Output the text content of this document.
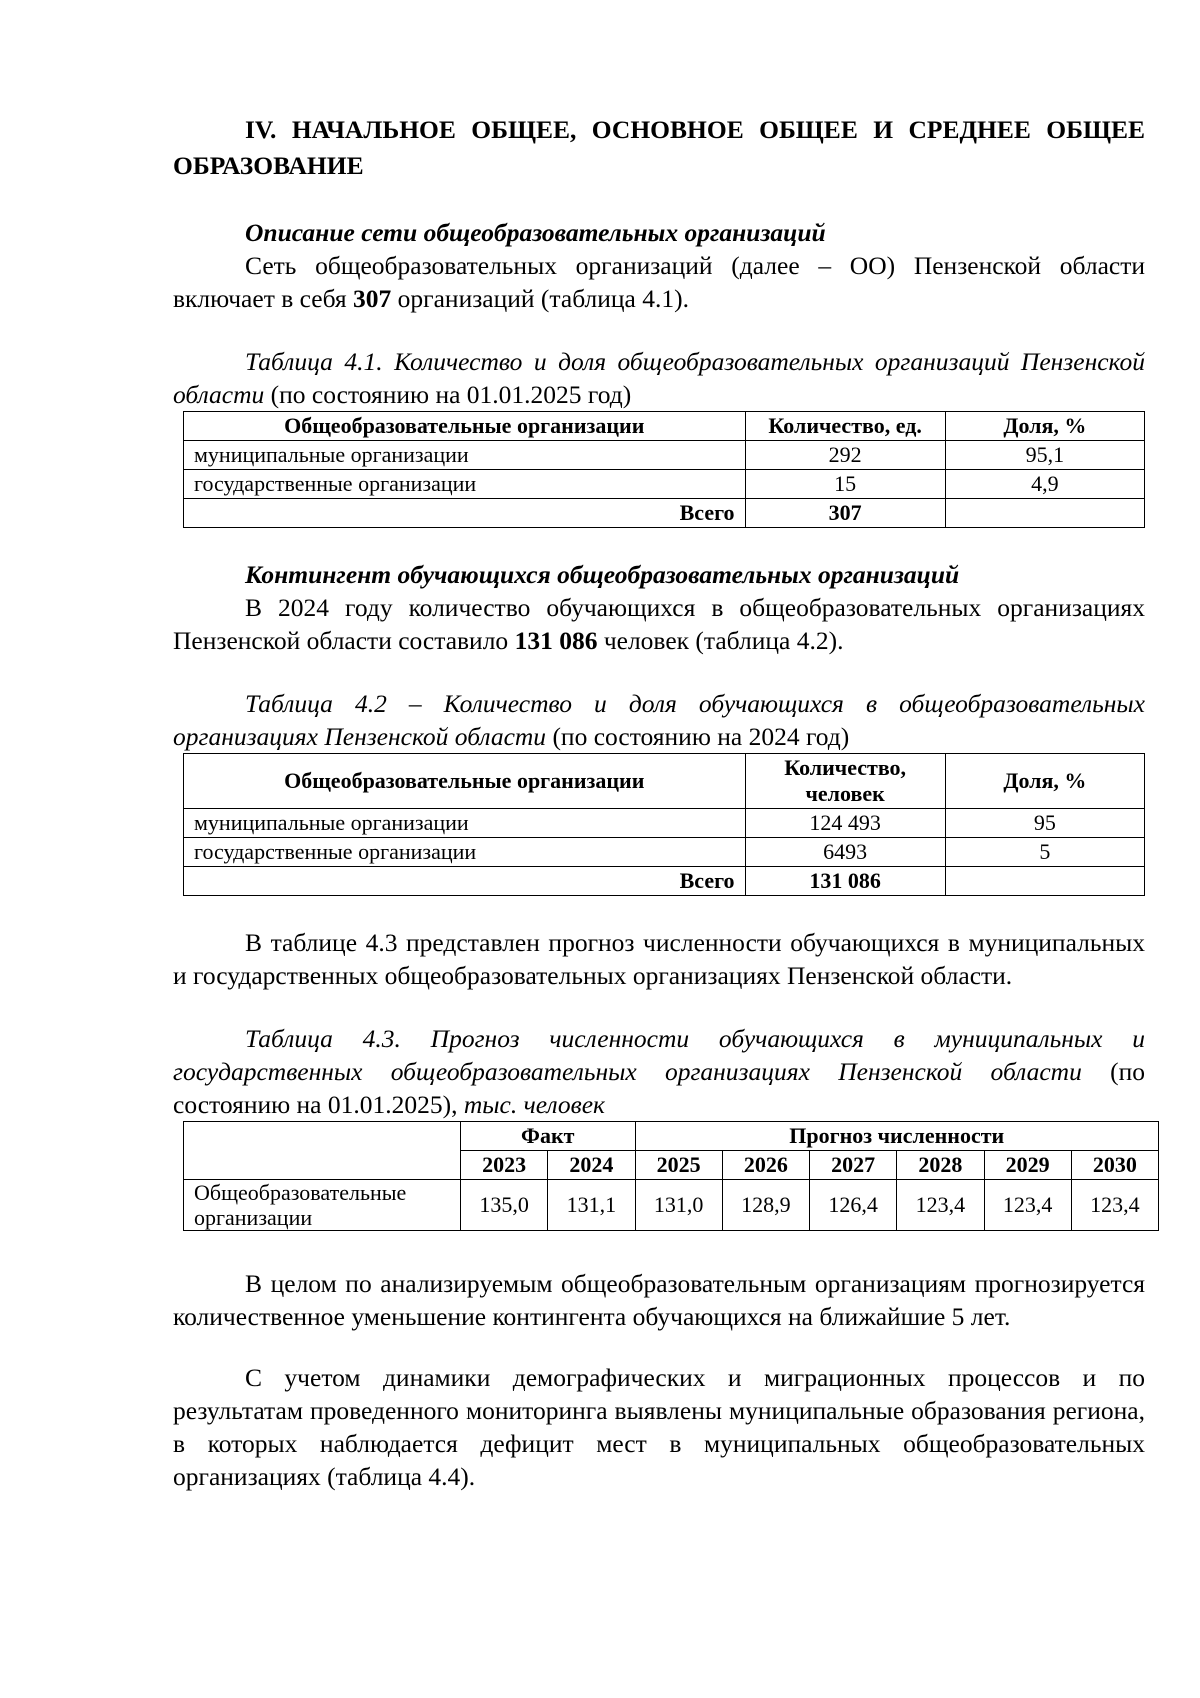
IV. НАЧАЛЬНОЕ ОБЩЕЕ, ОСНОВНОЕ ОБЩЕЕ И СРЕДНЕЕ ОБЩЕЕ ОБРАЗОВАНИЕ

Описание сети общеобразовательных организаций

Сеть общеобразовательных организаций (далее – ОО) Пензенской области включает в себя 307 организаций (таблица 4.1).

Таблица 4.1. Количество и доля общеобразовательных организаций Пензенской области (по состоянию на 01.01.2025 год)

Общеобразовательные организации	Количество, ед.	Доля, %
муниципальные организации	292	95,1
государственные организации	15	4,9
Всего	307	

Контингент обучающихся общеобразовательных организаций

В 2024 году количество обучающихся в общеобразовательных организациях Пензенской области составило 131 086 человек (таблица 4.2).

Таблица 4.2 – Количество и доля обучающихся в общеобразовательных организациях Пензенской области (по состоянию на 2024 год)

Общеобразовательные организации	Количество, человек	Доля, %
муниципальные организации	124 493	95
государственные организации	6493	5
Всего	131 086	

В таблице 4.3 представлен прогноз численности обучающихся в муниципальных и государственных общеобразовательных организациях Пензенской области.

Таблица 4.3. Прогноз численности обучающихся в муниципальных и государственных общеобразовательных организациях Пензенской области (по состоянию на 01.01.2025), тыс. человек

	Факт		Прогноз численности					
	2023	2024	2025	2026	2027	2028	2029	2030
Общеобразовательные организации	135,0	131,1	131,0	128,9	126,4	123,4	123,4	123,4

В целом по анализируемым общеобразовательным организациям прогнозируется количественное уменьшение контингента обучающихся на ближайшие 5 лет.

С учетом динамики демографических и миграционных процессов и по результатам проведенного мониторинга выявлены муниципальные образования региона, в которых наблюдается дефицит мест в муниципальных общеобразовательных организациях (таблица 4.4).
